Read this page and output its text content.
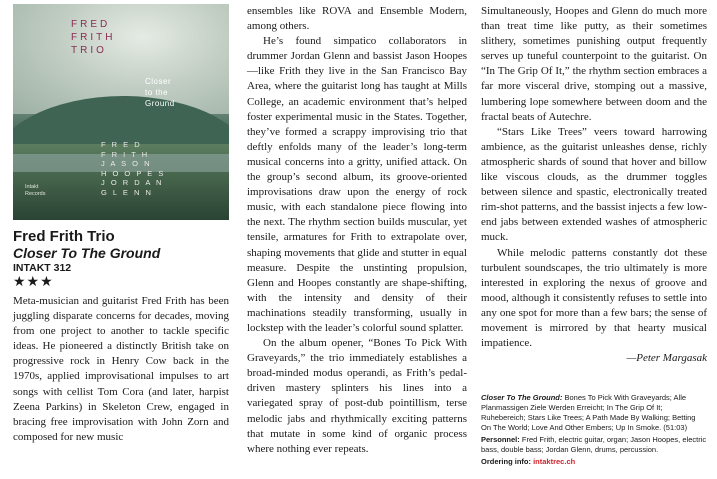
FRED
FRITH
TRIO
Closer
to the
Ground
F R E D
F R I T H
J A S O N
H O O P E S
J O R D A N
G L E N N
Intakt
Records
Fred Frith Trio
Closer To The Ground
INTAKT 312
★★★

Meta-musician and guitarist Fred Frith has been juggling disparate concerns for decades, moving from one project to another to tackle specific ideas. He pioneered a distinctly British take on progressive rock in Henry Cow back in the 1970s, applied improvisational impulses to art songs with cellist Tom Cora (and later, harpist Zeena Parkins) in Skeleton Crew, engaged in bracing free improvisation with John Zorn and composed for new music

ensembles like ROVA and Ensemble Modern, among others.

He’s found simpatico collaborators in drummer Jordan Glenn and bassist Jason Hoopes—like Frith they live in the San Francisco Bay Area, where the guitarist long has taught at Mills College, an academic environment that’s helped foster experimental music in the States. Together, they’ve formed a scrappy improvising trio that deftly enfolds many of the leader’s long-term musical concerns into a gritty, unified attack. On the group’s second album, its groove-oriented improvisations draw upon the energy of rock music, with each standalone piece flowing into the next. The rhythm section builds muscular, yet tensile, armatures for Frith to extrapolate over, shaping movements that glide and stutter in equal measure. Despite the unstinting propulsion, Glenn and Hoopes constantly are shape-shifting, with the intensity and density of their machinations steadily transforming, usually in lockstep with the leader’s colorful sound splatter.

On the album opener, “Bones To Pick With Graveyards,” the trio immediately establishes a broad-minded modus operandi, as Frith’s pedal-driven mastery splinters his lines into a variegated spray of post-dub pointillism, terse melodic jabs and rhythmically exciting patterns that mutate in some kind of organic process where nothing ever repeats.

Simultaneously, Hoopes and Glenn do much more than treat time like putty, as their sometimes slithery, sometimes punishing output frequently serves up tuneful counterpoint to the guitarist. On “In The Grip Of It,” the rhythm section embraces a far more visceral drive, stomping out a massive, lumbering lope somewhere between doom and the fractal beats of Autechre.

“Stars Like Trees” veers toward harrowing ambience, as the guitarist unleashes dense, richly atmospheric shards of sound that hover and billow like viscous clouds, as the drummer toggles between silence and spastic, electronically treated rim-shot patterns, and the bassist injects a few low-end jabs between extended washes of atmospheric muck.

While melodic patterns constantly dot these turbulent soundscapes, the trio ultimately is more interested in exploring the nexus of groove and mood, although it consistently refuses to settle into any one spot for more than a few bars; the sense of movement is mirrored by that hearty musical impatience.

—Peter Margasak
Closer To The Ground: Bones To Pick With Graveyards; Alle Planmassigen Ziele Werden Erreicht; In The Grip Of It; Ruhebereich; Stars Like Trees; A Path Made By Walking; Betting On The World; Love And Other Embers; Up In Smoke. (51:03)
Personnel: Fred Frith, electric guitar, organ; Jason Hoopes, electric bass, double bass; Jordan Glenn, drums, percussion.
Ordering info: intaktrec.ch
